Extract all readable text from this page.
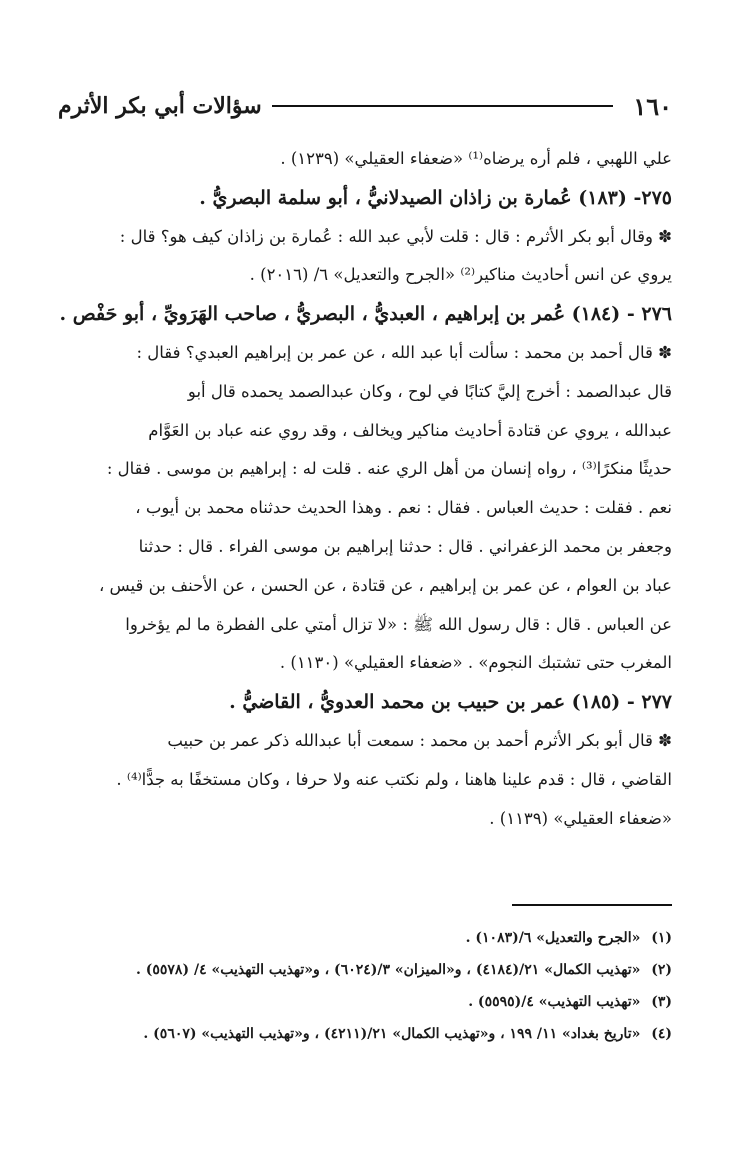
١٦٠
سؤالات أبي بكر الأثرم

علي اللهبي ، فلم أره يرضاه⁽¹⁾ «ضعفاء العقيلي» (١٢٣٩) .

٢٧٥- (١٨٣) عُمارة بن زاذان الصيدلانيُّ ، أبو سلمة البصريُّ .

✽ وقال أبو بكر الأثرم : قال : قلت لأبي عبد الله : عُمارة بن زاذان كيف هو؟ قال :

يروي عن انس أحاديث مناكير⁽²⁾ «الجرح والتعديل» ٦/ (٢٠١٦) .

٢٧٦ - (١٨٤) عُمر بن إبراهيم ، العبديُّ ، البصريُّ ، صاحب الهَرَويِّ ، أبو حَفْص .

✽ قال أحمد بن محمد : سألت أبا عبد الله ، عن عمر بن إبراهيم العبدي؟ فقال :

قال عبدالصمد : أخرج إليَّ كتابًا في لوح ، وكان عبدالصمد يحمده قال أبو

عبدالله ، يروي عن قتادة أحاديث مناكير ويخالف ، وقد روي عنه عباد بن العَوَّام

حديثًا منكرًا⁽³⁾ ، رواه إنسان من أهل الري عنه . قلت له : إبراهيم بن موسى . فقال :

نعم . فقلت : حديث العباس . فقال : نعم . وهذا الحديث حدثناه محمد بن أيوب ،

وجعفر بن محمد الزعفراني . قال : حدثنا إبراهيم بن موسى الفراء . قال : حدثنا

عباد بن العوام ، عن عمر بن إبراهيم ، عن قتادة ، عن الحسن ، عن الأحنف بن قيس ،

عن العباس . قال : قال رسول الله ﷺ : «لا تزال أمتي على الفطرة ما لم يؤخروا

المغرب حتى تشتبك النجوم» . «ضعفاء العقيلي» (١١٣٠) .

٢٧٧ - (١٨٥) عمر بن حبيب بن محمد العدويُّ ، القاضيُّ .

✽ قال أبو بكر الأثرم أحمد بن محمد : سمعت أبا عبدالله ذكر عمر بن حبيب

القاضي ، قال : قدم علينا هاهنا ، ولم نكتب عنه ولا حرفا ، وكان مستخفًا به جدًّا⁽⁴⁾ .

«ضعفاء العقيلي» (١١٣٩) .

(١) «الجرح والتعديل» ٦/(١٠٨٣) .

(٢) «تهذيب الكمال» ٢١/(٤١٨٤) ، و«الميزان» ٣/(٦٠٢٤) ، و«تهذيب التهذيب» ٤/ (٥٥٧٨) .

(٣) «تهذيب التهذيب» ٤/(٥٥٩٥) .

(٤) «تاريخ بغداد» ١١/ ١٩٩ ، و«تهذيب الكمال» ٢١/(٤٢١١) ، و«تهذيب التهذيب» (٥٦٠٧) .
